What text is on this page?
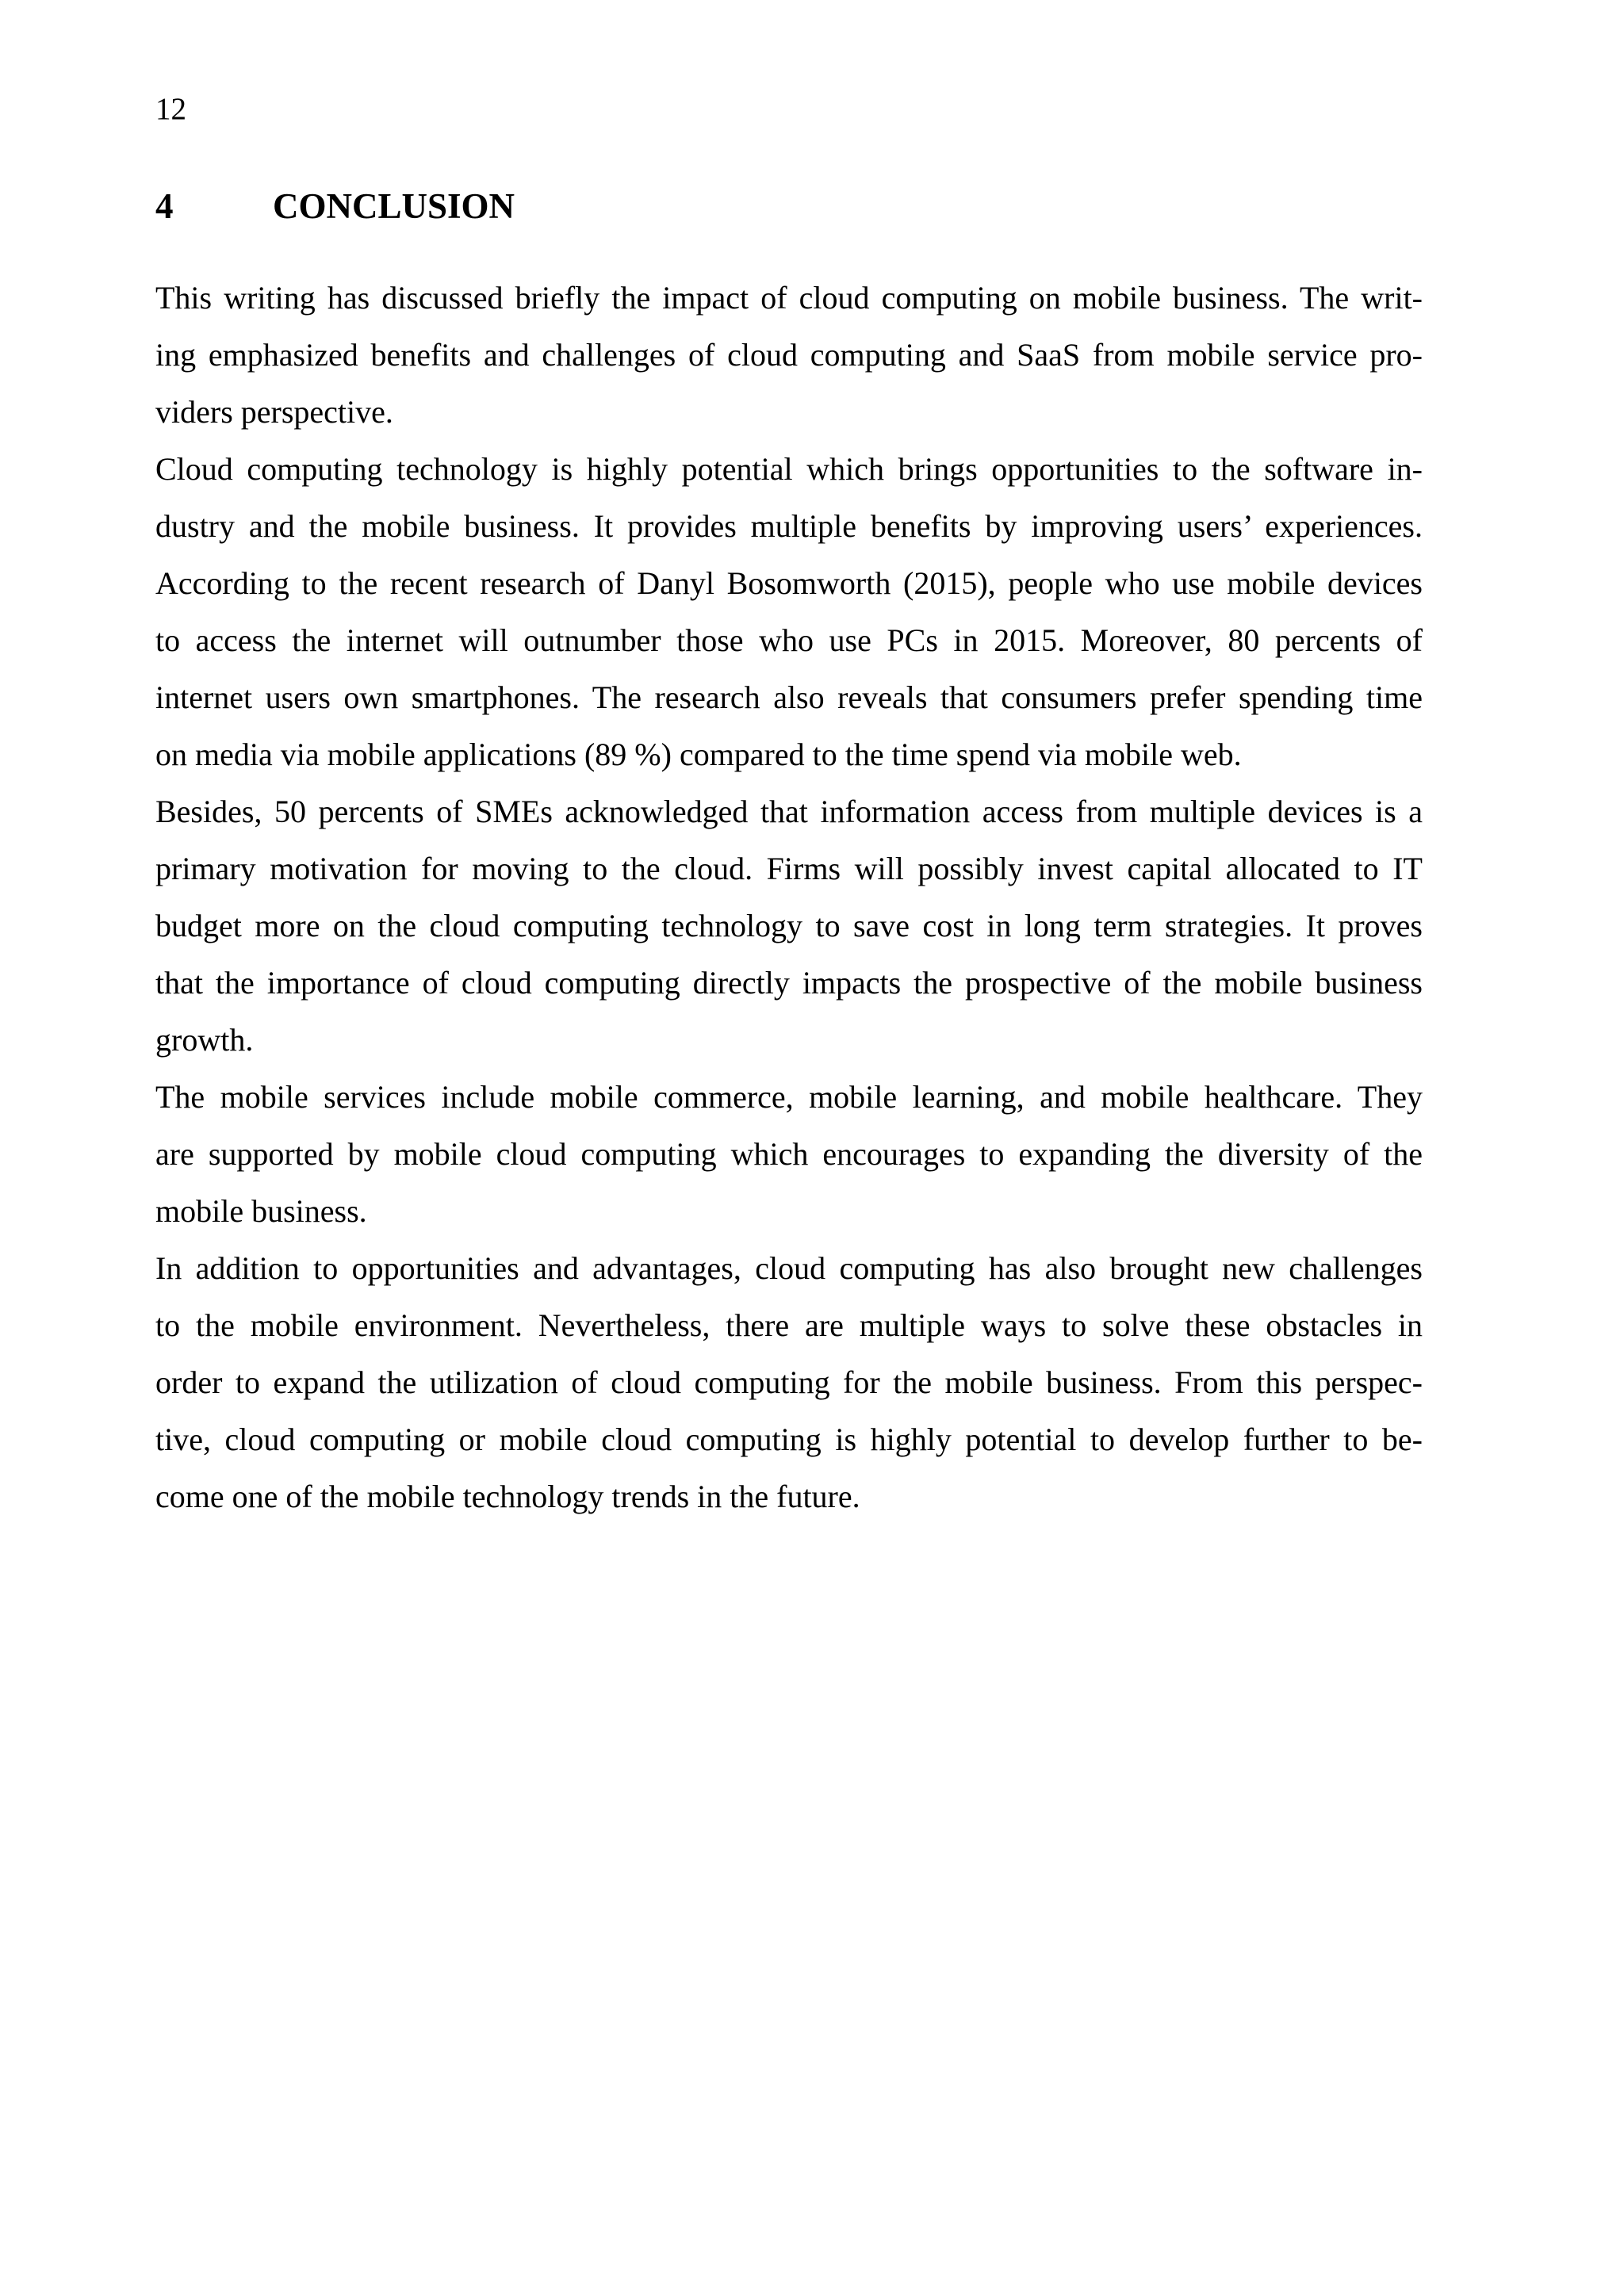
12
4	CONCLUSION

This writing has discussed briefly the impact of cloud computing on mobile business. The writ-
ing emphasized benefits and challenges of cloud computing and SaaS from mobile service pro-
viders perspective.

Cloud computing technology is highly potential which brings opportunities to the software in-
dustry and the mobile business. It provides multiple benefits by improving users’ experiences.
According to the recent research of Danyl Bosomworth (2015), people who use mobile devices
to access the internet will outnumber those who use PCs in 2015. Moreover, 80 percents of
internet users own smartphones. The research also reveals that consumers prefer spending time
on media via mobile applications (89 %) compared to the time spend via mobile web.

Besides, 50 percents of SMEs acknowledged that information access from multiple devices is a
primary motivation for moving to the cloud. Firms will possibly invest capital allocated to IT
budget more on the cloud computing technology to save cost in long term strategies. It proves
that the importance of cloud computing directly impacts the prospective of the mobile business
growth.

The mobile services include mobile commerce, mobile learning, and mobile healthcare. They
are supported by mobile cloud computing which encourages to expanding the diversity of the
mobile business.

In addition to opportunities and advantages, cloud computing has also brought new challenges
to the mobile environment. Nevertheless, there are multiple ways to solve these obstacles in
order to expand the utilization of cloud computing for the mobile business. From this perspec-
tive, cloud computing or mobile cloud computing is highly potential to develop further to be-
come one of the mobile technology trends in the future.
